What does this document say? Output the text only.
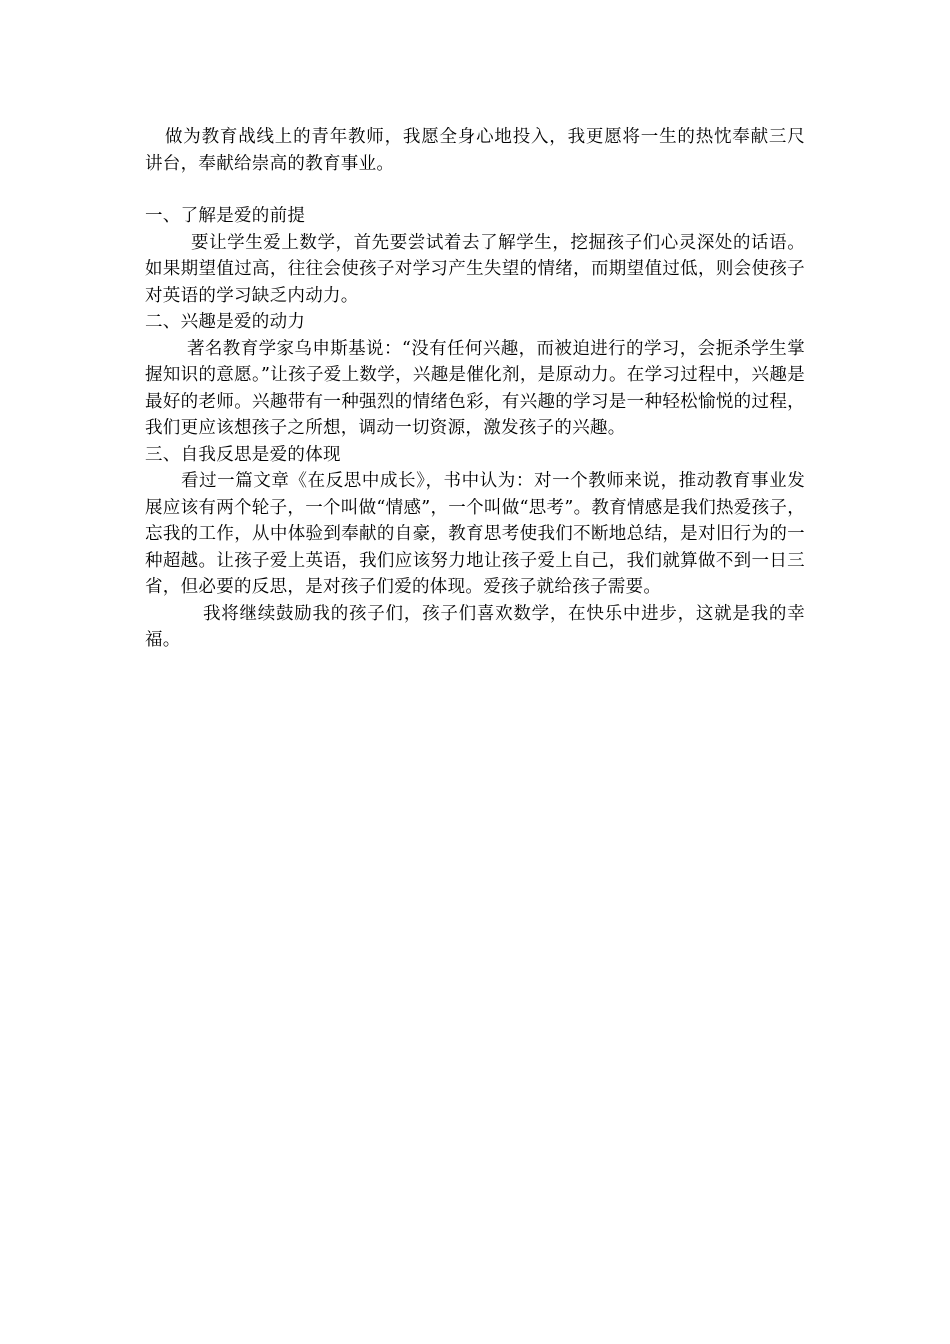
做为教育战线上的青年教师，我愿全身心地投入，我更愿将一生的热忱奉献三尺讲台，奉献给崇高的教育事业。

一、了解是爱的前提

要让学生爱上数学，首先要尝试着去了解学生，挖掘孩子们心灵深处的话语。如果期望值过高，往往会使孩子对学习产生失望的情绪，而期望值过低，则会使孩子对英语的学习缺乏内动力。

二、兴趣是爱的动力

著名教育学家乌申斯基说：“没有任何兴趣，而被迫进行的学习，会扼杀学生掌握知识的意愿。”让孩子爱上数学，兴趣是催化剂，是原动力。在学习过程中，兴趣是最好的老师。兴趣带有一种强烈的情绪色彩，有兴趣的学习是一种轻松愉悦的过程，我们更应该想孩子之所想，调动一切资源，激发孩子的兴趣。

三、自我反思是爱的体现

看过一篇文章《在反思中成长》，书中认为：对一个教师来说，推动教育事业发展应该有两个轮子，一个叫做“情感”，一个叫做“思考”。教育情感是我们热爱孩子，忘我的工作，从中体验到奉献的自豪，教育思考使我们不断地总结，是对旧行为的一种超越。让孩子爱上英语，我们应该努力地让孩子爱上自己，我们就算做不到一日三省，但必要的反思，是对孩子们爱的体现。爱孩子就给孩子需要。

我将继续鼓励我的孩子们，孩子们喜欢数学，在快乐中进步，这就是我的幸福。
